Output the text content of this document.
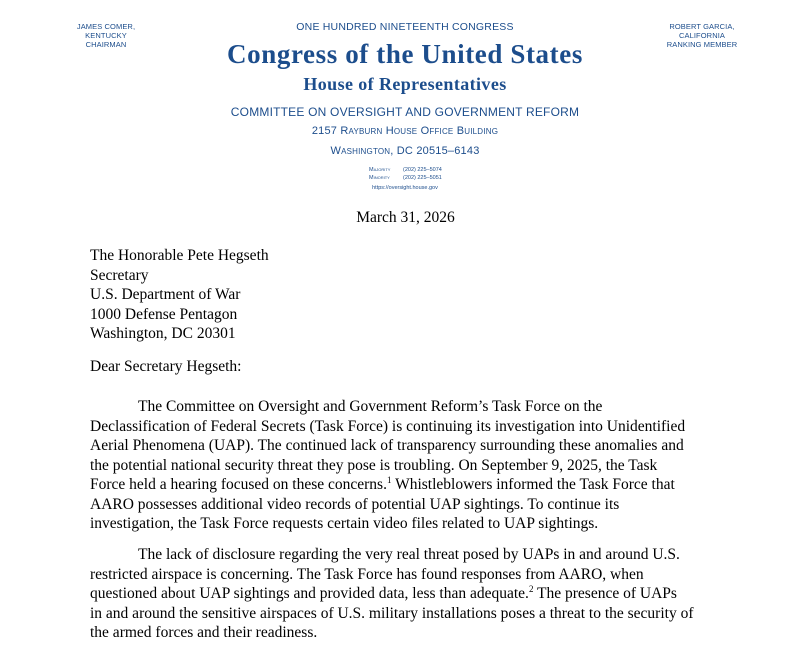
JAMES COMER, KENTUCKY
CHAIRMAN
ROBERT GARCIA, CALIFORNIA
RANKING MEMBER
ONE HUNDRED NINETEENTH CONGRESS
Congress of the United States
House of Representatives
COMMITTEE ON OVERSIGHT AND GOVERNMENT REFORM
2157 Rayburn House Office Building
Washington, DC 20515–6143
Majority (202) 225–5074
Minority (202) 225–5051
https://oversight.house.gov
March 31, 2026
The Honorable Pete Hegseth
Secretary
U.S. Department of War
1000 Defense Pentagon
Washington, DC 20301
Dear Secretary Hegseth:
The Committee on Oversight and Government Reform’s Task Force on the
Declassification of Federal Secrets (Task Force) is continuing its investigation into Unidentified
Aerial Phenomena (UAP). The continued lack of transparency surrounding these anomalies and
the potential national security threat they pose is troubling. On September 9, 2025, the Task
Force held a hearing focused on these concerns.$^1$ Whistleblowers informed the Task Force that
AARO possesses additional video records of potential UAP sightings. To continue its
investigation, the Task Force requests certain video files related to UAP sightings.
The lack of disclosure regarding the very real threat posed by UAPs in and around U.S.
restricted airspace is concerning. The Task Force has found responses from AARO, when
questioned about UAP sightings and provided data, less than adequate.$^2$ The presence of UAPs
in and around the sensitive airspaces of U.S. military installations poses a threat to the security of
the armed forces and their readiness.
